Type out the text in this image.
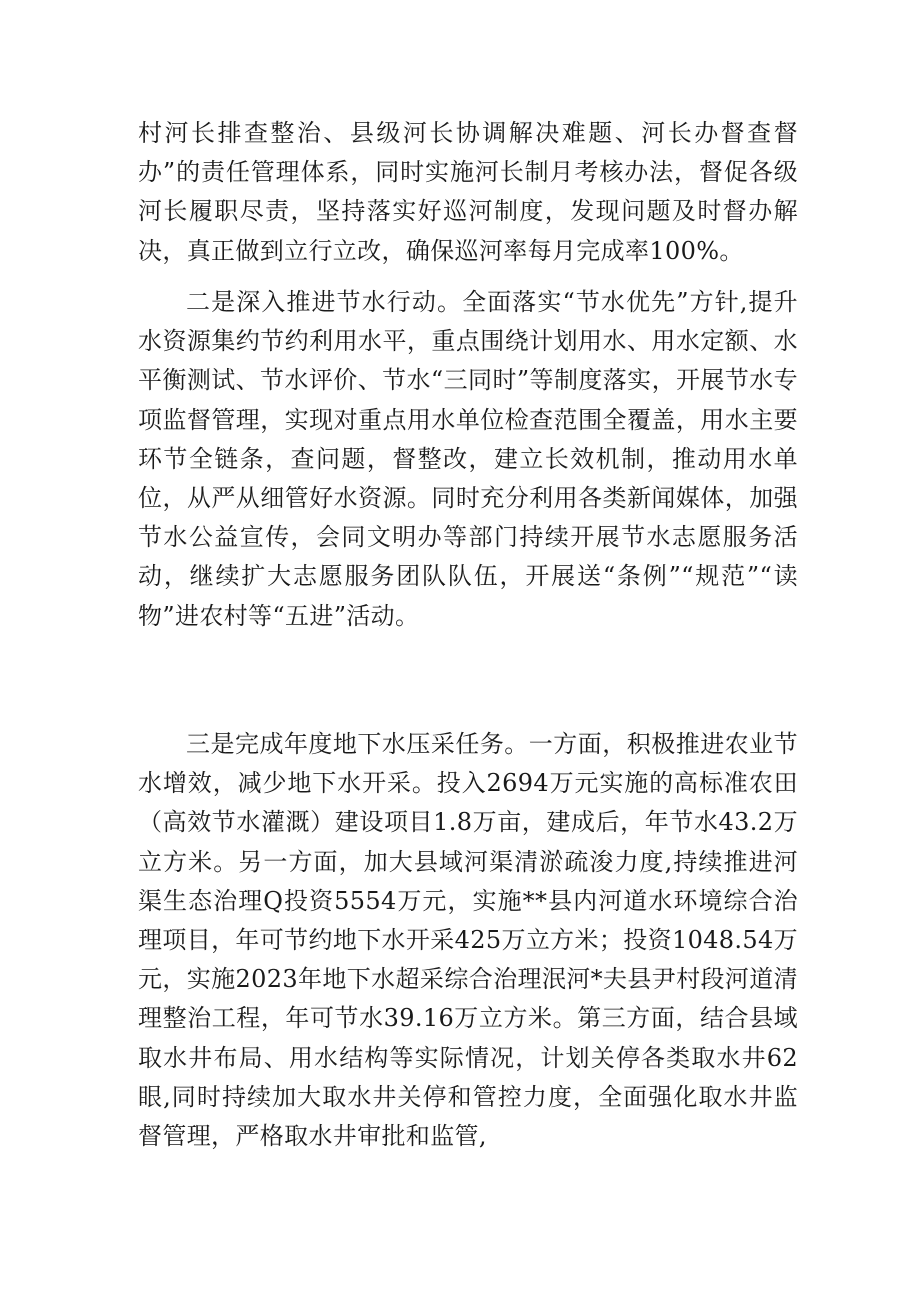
村河长排查整治、县级河长协调解决难题、河长办督查督办”的责任管理体系，同时实施河长制月考核办法，督促各级河长履职尽责，坚持落实好巡河制度，发现问题及时督办解决，真正做到立行立改，确保巡河率每月完成率100%。

二是深入推进节水行动。全面落实“节水优先”方针,提升水资源集约节约利用水平，重点围绕计划用水、用水定额、水平衡测试、节水评价、节水“三同时”等制度落实，开展节水专项监督管理，实现对重点用水单位检查范围全覆盖，用水主要环节全链条，查问题，督整改，建立长效机制，推动用水单位，从严从细管好水资源。同时充分利用各类新闻媒体，加强节水公益宣传，会同文明办等部门持续开展节水志愿服务活动，继续扩大志愿服务团队队伍，开展送“条例”“规范”“读物”进农村等“五进”活动。

三是完成年度地下水压采任务。一方面，积极推进农业节水增效，减少地下水开采。投入2694万元实施的高标准农田（高效节水灌溉）建设项目1.8万亩，建成后，年节水43.2万立方米。另一方面，加大县域河渠清淤疏浚力度,持续推进河渠生态治理Q投资5554万元，实施**县内河道水环境综合治理项目，年可节约地下水开采425万立方米；投资1048.54万元，实施2023年地下水超采综合治理泯河*夫县尹村段河道清理整治工程，年可节水39.16万立方米。第三方面，结合县域取水井布局、用水结构等实际情况，计划关停各类取水井62眼,同时持续加大取水井关停和管控力度，全面强化取水井监督管理，严格取水井审批和监管,
